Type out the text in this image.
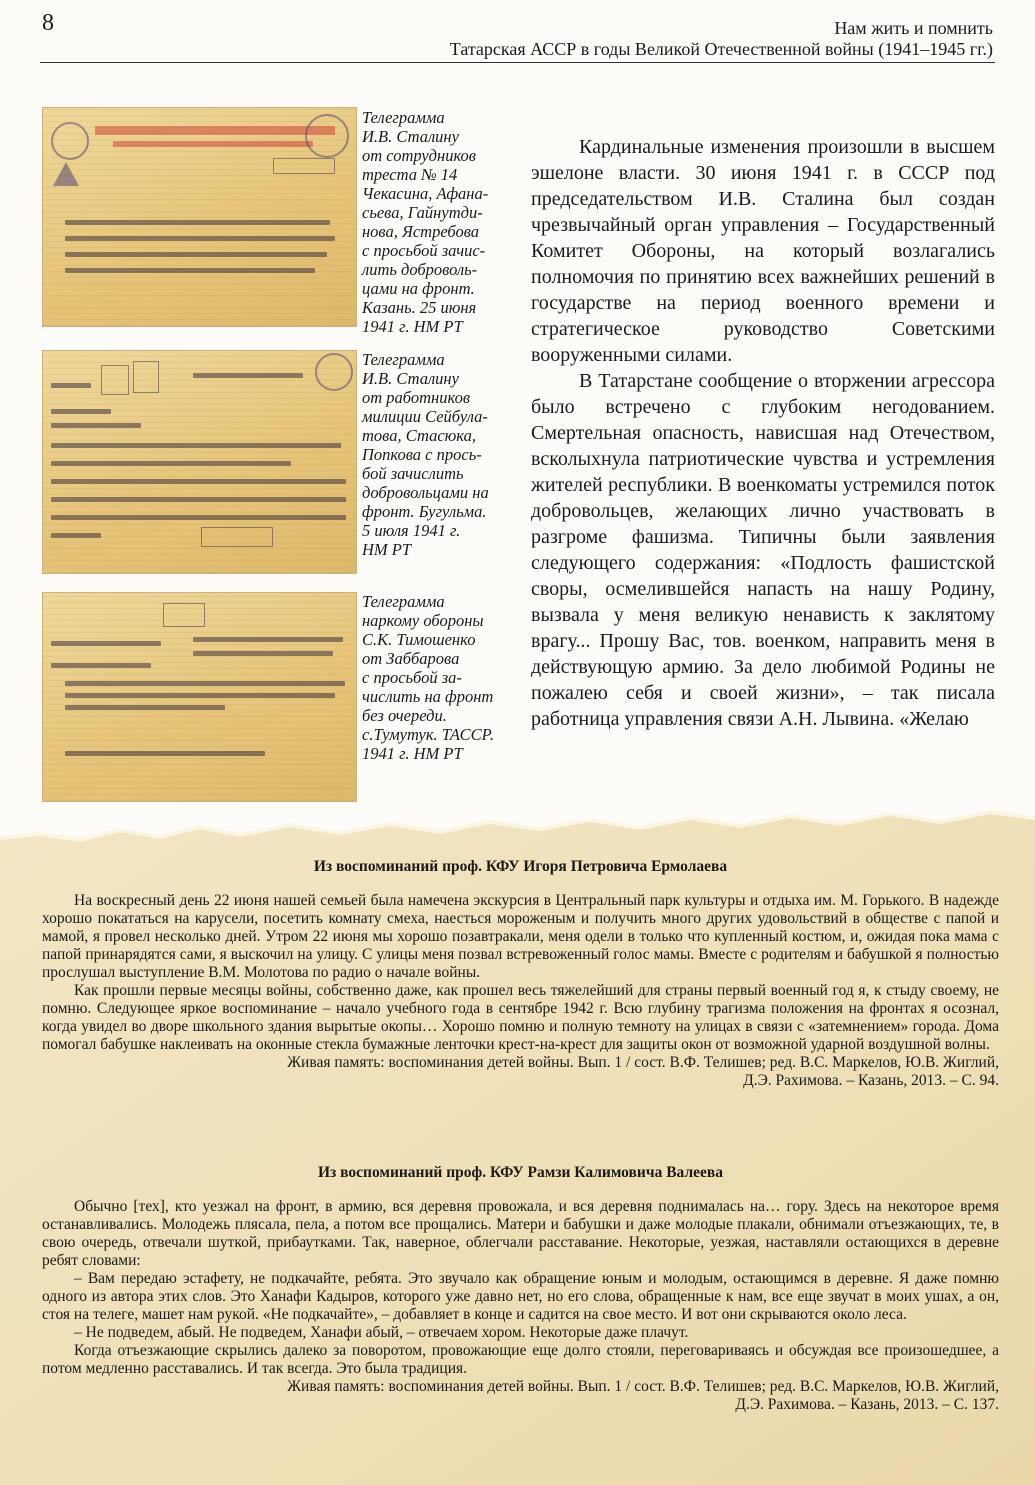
8	Нам жить и помнить
Татарская АССР в годы Великой Отечественной войны (1941–1945 гг.)
Телеграмма
И.В. Сталину
от сотрудников
треста № 14
Чекасина, Афана-
сьева, Гайнутди-
нова, Ястребова
с просьбой зачис-
лить доброволь-
цами на фронт.
Казань. 25 июня
1941 г. НМ РТ
Телеграмма
И.В. Сталину
от работников
милиции Сейбула-
това, Стасюка,
Попкова с прось-
бой зачислить
добровольцами на
фронт. Бугульма.
5 июля 1941 г.
НМ РТ
Телеграмма
наркому обороны
С.К. Тимошенко
от Заббарова
с просьбой за-
числить на фронт
без очереди.
с.Тумутук. ТАССР.
1941 г. НМ РТ

Кардинальные изменения произошли в высшем эшелоне власти. 30 июня 1941 г. в СССР под председательством И.В. Сталина был создан чрезвычайный орган управления – Государственный Комитет Обороны, на который возлагались полномочия по принятию всех важнейших решений в государстве на период военного времени и стратегическое руководство Советскими вооруженными силами.

В Татарстане сообщение о вторжении агрессора было встречено с глубоким негодованием. Смертельная опасность, нависшая над Отечеством, всколыхнула патриотические чувства и устремления жителей республики. В военкоматы устремился поток добровольцев, желающих лично участвовать в разгроме фашизма. Типичны были заявления следующего содержания: «Подлость фашистской своры, осмелившейся напасть на нашу Родину, вызвала у меня великую ненависть к заклятому врагу... Прошу Вас, тов. военком, направить меня в действующую армию. За дело любимой Родины не пожалею себя и своей жизни», – так писала работница управления связи А.Н. Лывина. «Желаю

Из воспоминаний проф. КФУ Игоря Петровича Ермолаева

На воскресный день 22 июня нашей семьей была намечена экскурсия в Центральный парк культуры и отдыха им. М. Горького. В надежде хорошо покататься на карусели, посетить комнату смеха, наесться мороженым и получить много других удовольствий в обществе с папой и мамой, я провел несколько дней. Утром 22 июня мы хорошо позавтракали, меня одели в только что купленный костюм, и, ожидая пока мама с папой принарядятся сами, я выскочил на улицу. С улицы меня позвал встревоженный голос мамы. Вместе с родителям и бабушкой я полностью прослушал выступление В.М. Молотова по радио о начале войны.

Как прошли первые месяцы войны, собственно даже, как прошел весь тяжелейший для страны первый военный год я, к стыду своему, не помню. Следующее яркое воспоминание – начало учебного года в сентябре 1942 г. Всю глубину трагизма положения на фронтах я осознал, когда увидел во дворе школьного здания вырытые окопы… Хорошо помню и полную темноту на улицах в связи с «затемнением» города. Дома помогал бабушке наклеивать на оконные стекла бумажные ленточки крест-на-крест для защиты окон от возможной ударной воздушной волны.

Живая память: воспоминания детей войны. Вып. 1 / сост. В.Ф. Телишев; ред. В.С. Маркелов, Ю.В. Жиглий,

Д.Э. Рахимова. – Казань, 2013. – С. 94.

Из воспоминаний проф. КФУ Рамзи Калимовича Валеева

Обычно [тех], кто уезжал на фронт, в армию, вся деревня провожала, и вся деревня поднималась на… гору. Здесь на некоторое время останавливались. Молодежь плясала, пела, а потом все прощались. Матери и бабушки и даже молодые плакали, обнимали отъезжающих, те, в свою очередь, отвечали шуткой, прибаутками. Так, наверное, облегчали расставание. Некоторые, уезжая, наставляли остающихся в деревне ребят словами:

– Вам передаю эстафету, не подкачайте, ребята. Это звучало как обращение юным и молодым, остающимся в деревне. Я даже помню одного из автора этих слов. Это Ханафи Кадыров, которого уже давно нет, но его слова, обращенные к нам, все еще звучат в моих ушах, а он, стоя на телеге, машет нам рукой. «Не подкачайте», – добавляет в конце и садится на свое место. И вот они скрываются около леса.

– Не подведем, абый. Не подведем, Ханафи абый, – отвечаем хором. Некоторые даже плачут.

Когда отъезжающие скрылись далеко за поворотом, провожающие еще долго стояли, переговариваясь и обсуждая все произошедшее, а потом медленно расставались. И так всегда. Это была традиция.

Живая память: воспоминания детей войны. Вып. 1 / сост. В.Ф. Телишев; ред. В.С. Маркелов, Ю.В. Жиглий,

Д.Э. Рахимова. – Казань, 2013. – С. 137.
